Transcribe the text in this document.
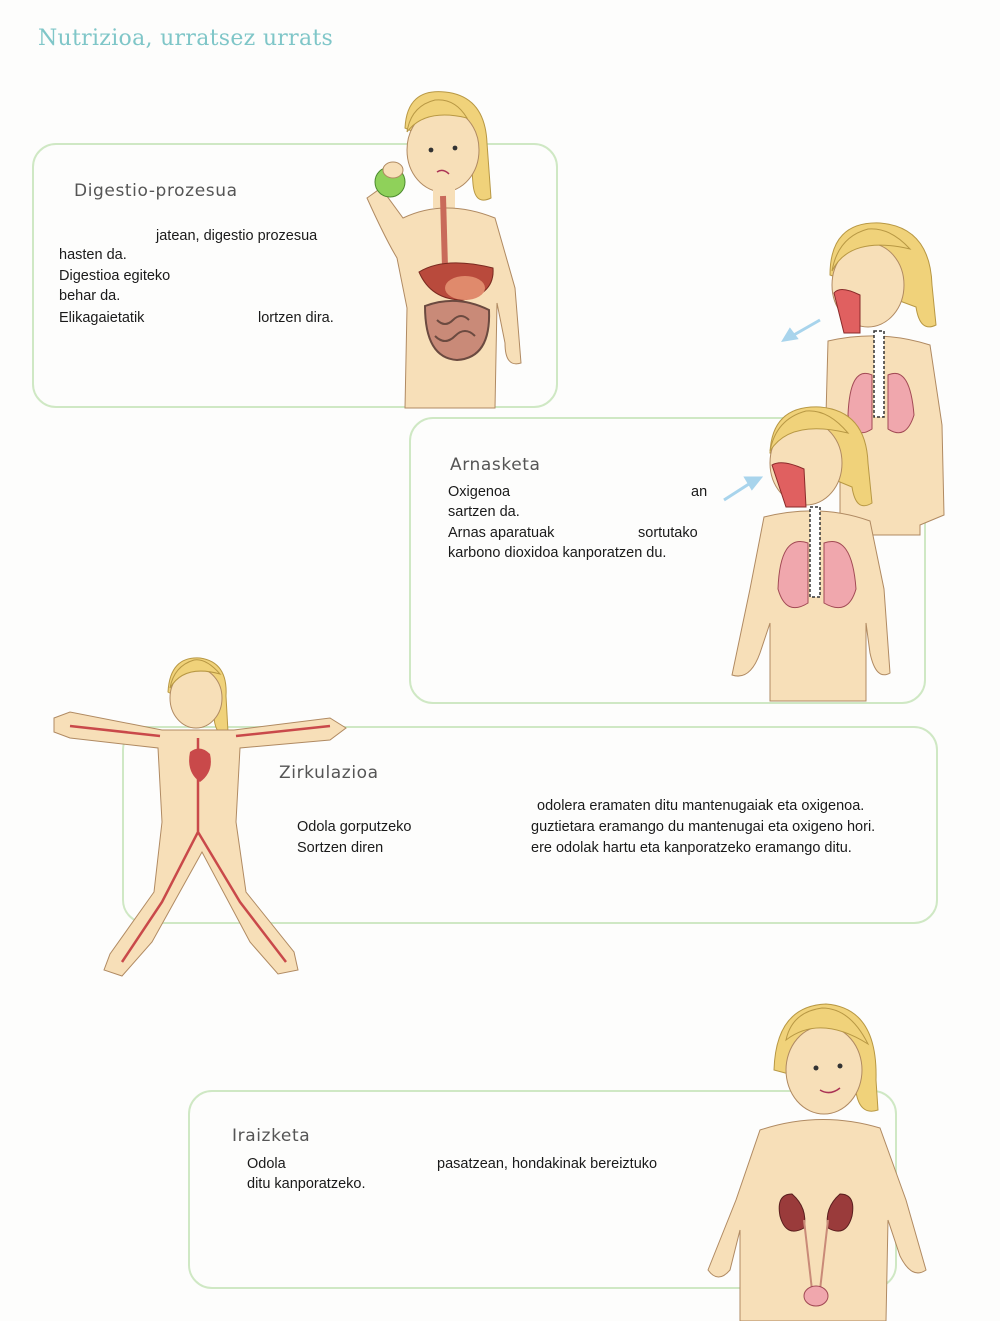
Nutrizioa, urratsez urrats
Digestio-prozesua
jatean, digestio prozesua
hasten da.
Digestioa egiteko
behar da.
Elikagaietatik	lortzen dira.
Arnasketa
Oxigenoa	an
sartzen da.
Arnas aparatuak	sortutako
karbono dioxidoa kanporatzen du.
Zirkulazioa
odolera eramaten ditu mantenugaiak eta oxigenoa.
Odola gorputzeko	guztietara eramango du mantenugai eta oxigeno hori.
Sortzen diren	ere odolak hartu eta kanporatzeko eramango ditu.
Iraizketa
Odola	pasatzean, hondakinak bereiztuko
ditu kanporatzeko.
